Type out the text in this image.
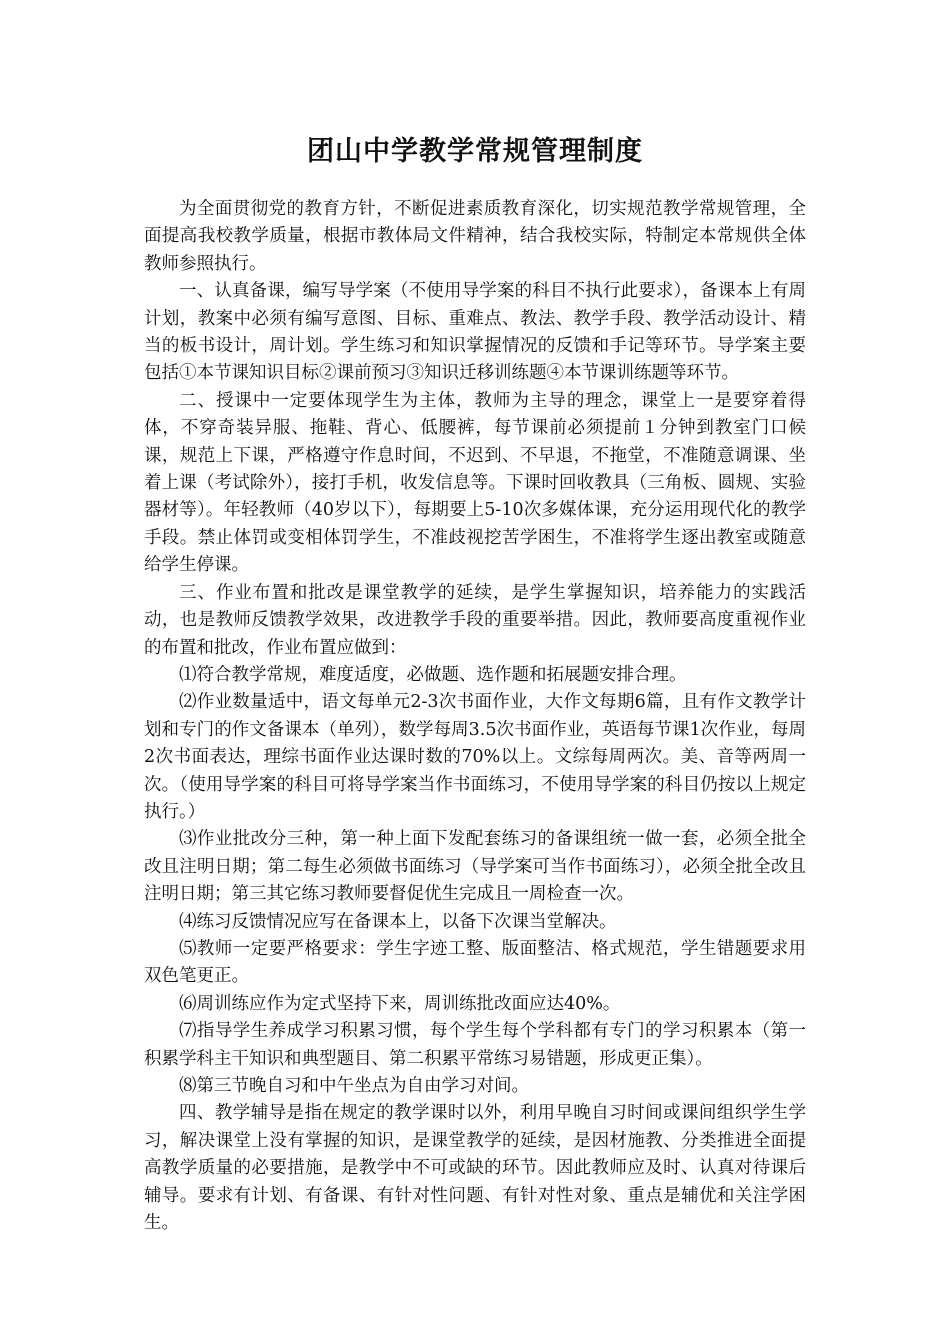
团山中学教学常规管理制度

为全面贯彻党的教育方针，不断促进素质教育深化，切实规范教学常规管理，全面提高我校教学质量，根据市教体局文件精神，结合我校实际，特制定本常规供全体教师参照执行。

一、认真备课，编写导学案（不使用导学案的科目不执行此要求），备课本上有周计划，教案中必须有编写意图、目标、重难点、教法、教学手段、教学活动设计、精当的板书设计，周计划。学生练习和知识掌握情况的反馈和手记等环节。导学案主要包括①本节课知识目标②课前预习③知识迁移训练题④本节课训练题等环节。

二、授课中一定要体现学生为主体，教师为主导的理念，课堂上一是要穿着得体，不穿奇装异服、拖鞋、背心、低腰裤，每节课前必须提前１分钟到教室门口候课，规范上下课，严格遵守作息时间，不迟到、不早退，不拖堂，不准随意调课、坐着上课（考试除外），接打手机，收发信息等。下课时回收教具（三角板、圆规、实验器材等）。年轻教师（40岁以下），每期要上5-10次多媒体课，充分运用现代化的教学手段。禁止体罚或变相体罚学生，不准歧视挖苦学困生，不准将学生逐出教室或随意给学生停课。

三、作业布置和批改是课堂教学的延续，是学生掌握知识，培养能力的实践活动，也是教师反馈教学效果，改进教学手段的重要举措。因此，教师要高度重视作业的布置和批改，作业布置应做到：

⑴符合教学常规，难度适度，必做题、选作题和拓展题安排合理。

⑵作业数量适中，语文每单元2-3次书面作业，大作文每期6篇，且有作文教学计划和专门的作文备课本（单列），数学每周3.5次书面作业，英语每节课1次作业，每周2次书面表达，理综书面作业达课时数的70%以上。文综每周两次。美、音等两周一次。（使用导学案的科目可将导学案当作书面练习，不使用导学案的科目仍按以上规定执行。）

⑶作业批改分三种，第一种上面下发配套练习的备课组统一做一套，必须全批全改且注明日期；第二每生必须做书面练习（导学案可当作书面练习），必须全批全改且注明日期；第三其它练习教师要督促优生完成且一周检查一次。

⑷练习反馈情况应写在备课本上，以备下次课当堂解决。

⑸教师一定要严格要求：学生字迹工整、版面整洁、格式规范，学生错题要求用双色笔更正。

⑹周训练应作为定式坚持下来，周训练批改面应达40%。

⑺指导学生养成学习积累习惯，每个学生每个学科都有专门的学习积累本（第一积累学科主干知识和典型题目、第二积累平常练习易错题，形成更正集）。

⑻第三节晚自习和中午坐点为自由学习对间。

四、教学辅导是指在规定的教学课时以外，利用早晚自习时间或课间组织学生学习，解决课堂上没有掌握的知识，是课堂教学的延续，是因材施教、分类推进全面提高教学质量的必要措施，是教学中不可或缺的环节。因此教师应及时、认真对待课后辅导。要求有计划、有备课、有针对性问题、有针对性对象、重点是辅优和关注学困生。
